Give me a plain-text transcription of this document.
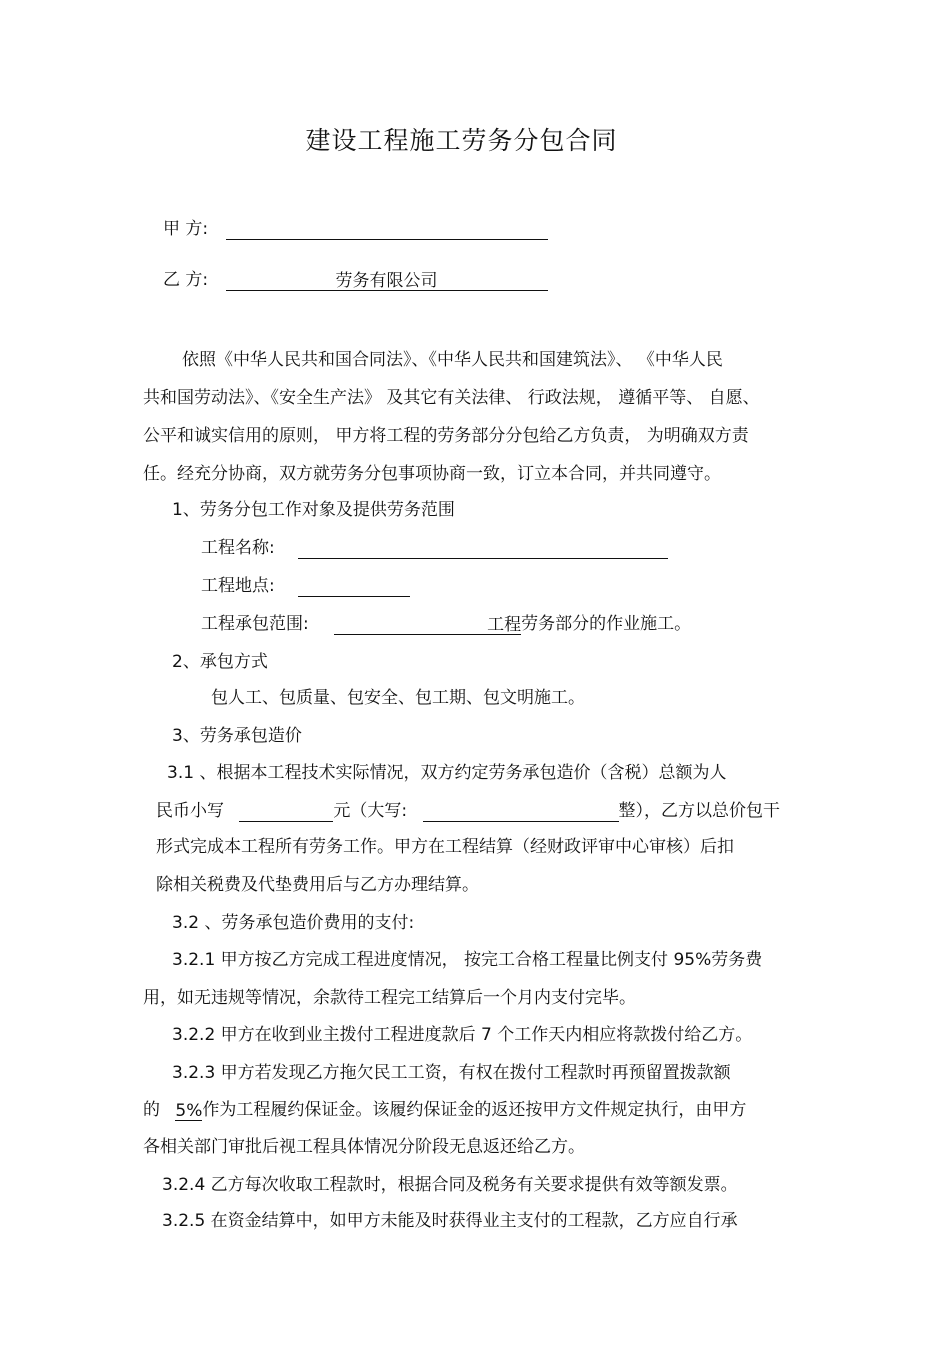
建设工程施工劳务分包合同
甲 方:
乙 方:	劳务有限公司
依照《中华人民共和国合同法》、《中华人民共和国建筑法》、 《中华人民
共和国劳动法》、《安全生产法》 及其它有关法律、 行政法规， 遵循平等、 自愿、
公平和诚实信用的原则， 甲方将工程的劳务部分分包给乙方负责， 为明确双方责
任。经充分协商，双方就劳务分包事项协商一致，订立本合同，并共同遵守。
1、劳务分包工作对象及提供劳务范围
工程名称:
工程地点:
工程承包范围:	工程劳务部分的作业施工。
2、承包方式
包人工、包质量、包安全、包工期、包文明施工。
3、劳务承包造价
3.1 、根据本工程技术实际情况，双方约定劳务承包造价（含税）总额为人
民币小写	元（大写:	整），乙方以总价包干
形式完成本工程所有劳务工作。甲方在工程结算（经财政评审中心审核）后扣
除相关税费及代垫费用后与乙方办理结算。
3.2 、劳务承包造价费用的支付:
3.2.1 甲方按乙方完成工程进度情况， 按完工合格工程量比例支付 95%劳务费
用，如无违规等情况，余款待工程完工结算后一个月内支付完毕。
3.2.2 甲方在收到业主拨付工程进度款后 7 个工作天内相应将款拨付给乙方。
3.2.3 甲方若发现乙方拖欠民工工资，有权在拨付工程款时再预留置拨款额
的 5%作为工程履约保证金。该履约保证金的返还按甲方文件规定执行，由甲方
各相关部门审批后视工程具体情况分阶段无息返还给乙方。
3.2.4 乙方每次收取工程款时，根据合同及税务有关要求提供有效等额发票。
3.2.5 在资金结算中，如甲方未能及时获得业主支付的工程款，乙方应自行承
